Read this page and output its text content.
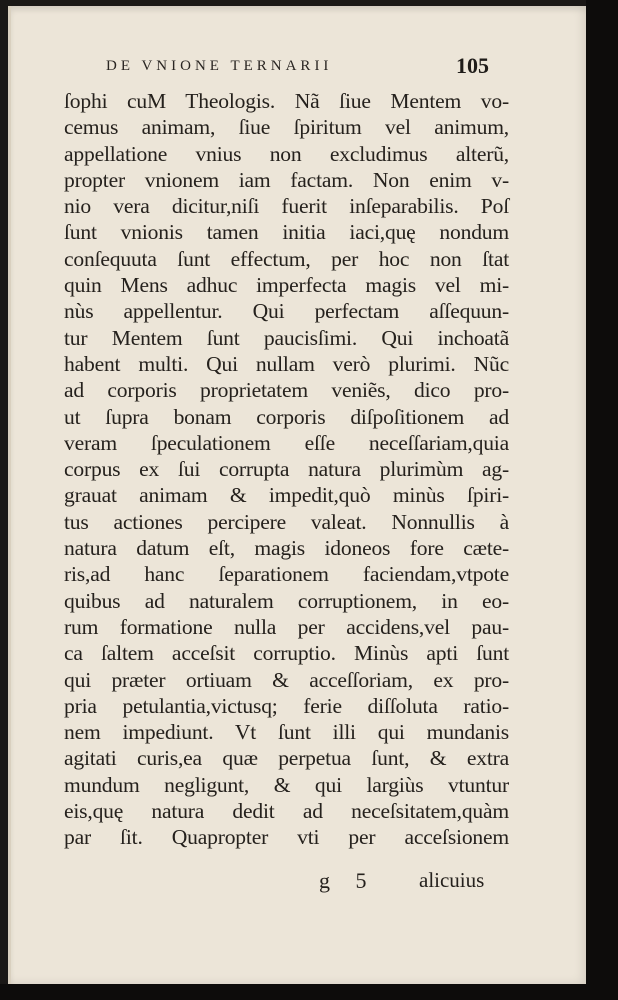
DE VNIONE TERNARII	105
ſophi cuM Theologis. Nã ſiue Mentem vo-
cemus animam, ſiue ſpiritum vel animum,
appellatione vnius non excludimus alterũ,
propter vnionem iam factam. Non enim v-
nio vera dicitur,niſi fuerit inſeparabilis. Poſ
ſunt vnionis tamen initia iaci,quę nondum
conſequuta ſunt effectum, per hoc non ſtat
quin Mens adhuc imperfecta magis vel mi-
nùs appellentur. Qui perfectam aſſequun-
tur Mentem ſunt paucisſimi. Qui inchoatã
habent multi. Qui nullam verò plurimi. Nũc
ad corporis proprietatem veniẽs, dico pro-
ut ſupra bonam corporis diſpoſitionem ad
veram ſpeculationem eſſe neceſſariam,quia
corpus ex ſui corrupta natura plurimùm ag-
grauat animam & impedit,quò minùs ſpiri-
tus actiones percipere valeat. Nonnullis à
natura datum eſt, magis idoneos fore cæte-
ris,ad hanc ſeparationem faciendam,vtpote
quibus ad naturalem corruptionem, in eo-
rum formatione nulla per accidens,vel pau-
ca ſaltem acceſsit corruptio. Minùs apti ſunt
qui præter ortiuam & acceſſoriam, ex pro-
pria petulantia,victusq; ferie diſſoluta ratio-
nem impediunt. Vt ſunt illi qui mundanis
agitati curis,ea quæ perpetua ſunt, & extra
mundum negligunt, & qui largiùs vtuntur
eis,quę natura dedit ad neceſsitatem,quàm
par ſit. Quapropter vti per acceſsionem
g 5 alicuius
